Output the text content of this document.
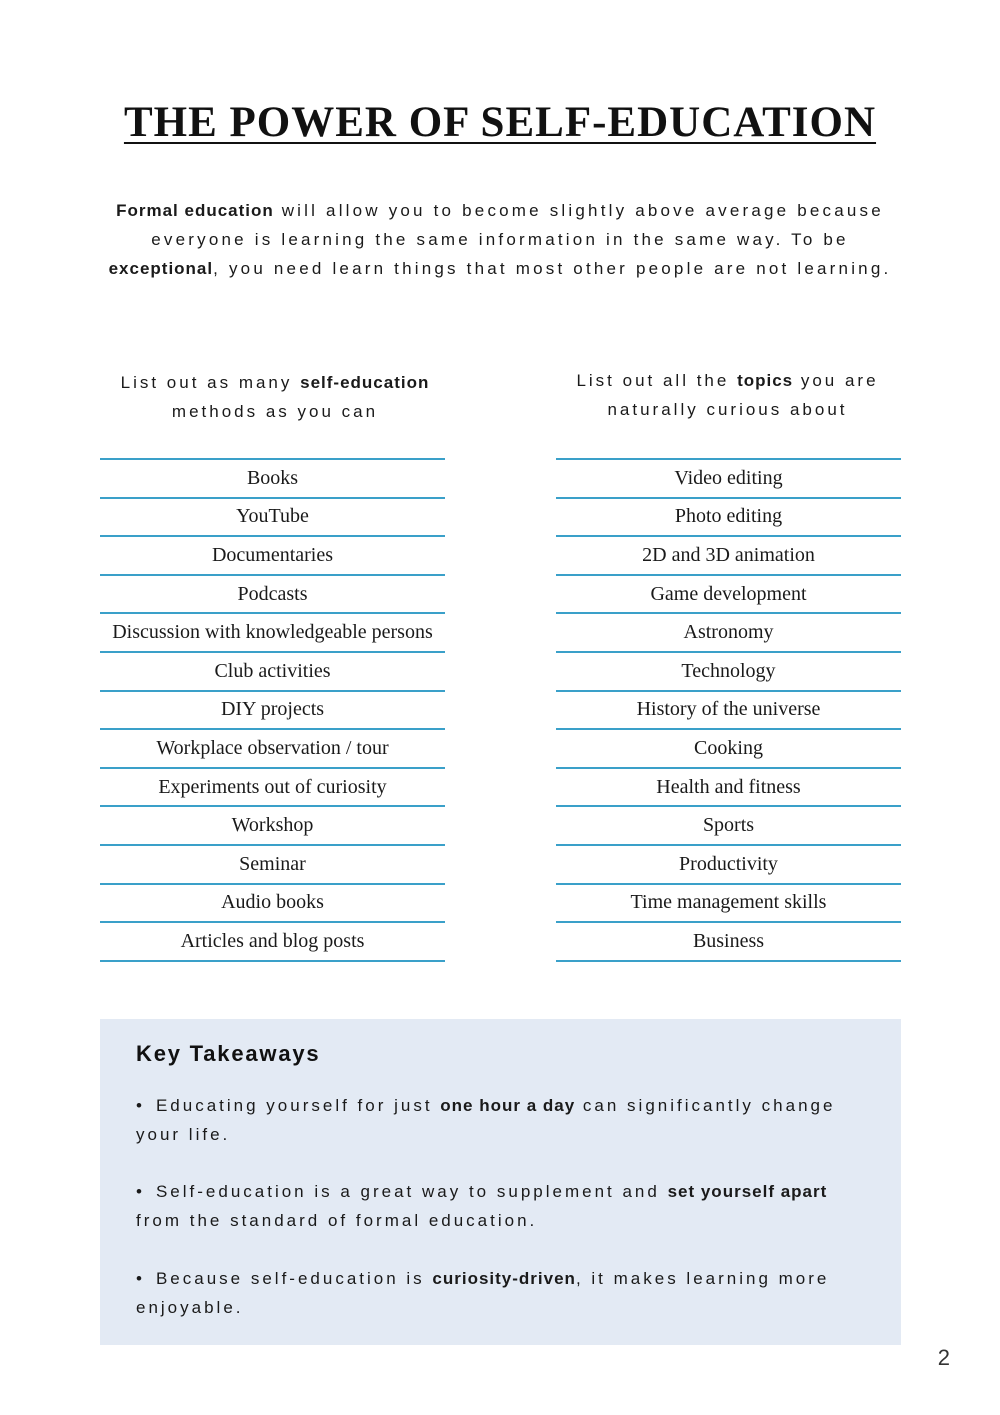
THE POWER OF SELF-EDUCATION

Formal education will allow you to become slightly above average because everyone is learning the same information in the same way. To be exceptional, you need learn things that most other people are not learning.

List out as many self-education methods as you can
List out all the topics you are naturally curious about
Books
YouTube
Documentaries
Podcasts
Discussion with knowledgeable persons
Club activities
DIY projects
Workplace observation / tour
Experiments out of curiosity
Workshop
Seminar
Audio books
Articles and blog posts
Video editing
Photo editing
2D and 3D animation
Game development
Astronomy
Technology
History of the universe
Cooking
Health and fitness
Sports
Productivity
Time management skills
Business
Key Takeaways
• Educating yourself for just one hour a day can significantly change your life.
• Self-education is a great way to supplement and set yourself apart from the standard of formal education.
• Because self-education is curiosity-driven, it makes learning more enjoyable.
2
